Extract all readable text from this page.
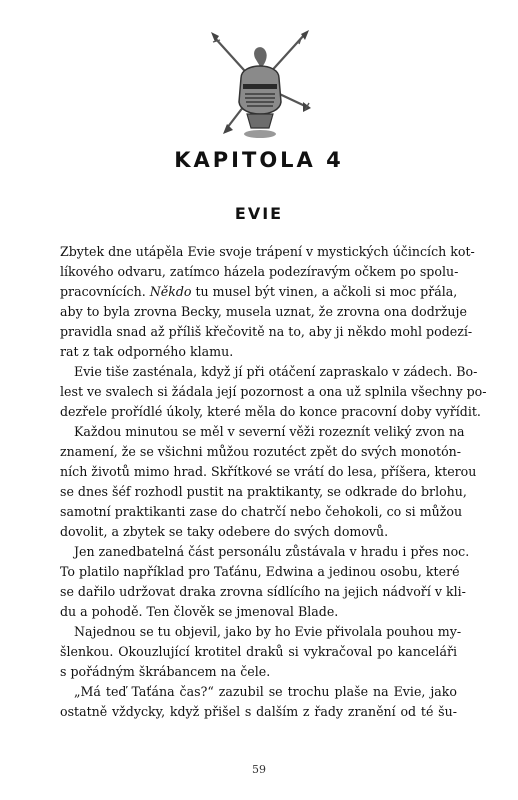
KAPITOLA 4
EVIE
Zbytek dne utápěla Evie svoje trápení v mystických účincích kot-
líkového odvaru, zatímco házela podezíravým očkem po spolu-
pracovnících. Někdo tu musel být vinen, a ačkoli si moc přála,
aby to byla zrovna Becky, musela uznat, že zrovna ona dodržuje
pravidla snad až příliš křečovitě na to, aby ji někdo mohl podezí-
rat z tak odporného klamu.
Evie tiše zasténala, když jí při otáčení zapraskalo v zádech. Bo-
lest ve svalech si žádala její pozornost a ona už splnila všechny po-
dezřele prořídlé úkoly, které měla do konce pracovní doby vyřídit.
Každou minutou se měl v severní věži rozeznít veliký zvon na
znamení, že se všichni můžou rozutéct zpět do svých monotón-
ních životů mimo hrad. Skřítkové se vrátí do lesa, příšera, kterou
se dnes šéf rozhodl pustit na praktikanty, se odkrade do brlohu,
samotní praktikanti zase do chatrčí nebo čehokoli, co si můžou
dovolit, a zbytek se taky odebere do svých domovů.
Jen zanedbatelná část personálu zůstávala v hradu i přes noc.
To platilo například pro Taťánu, Edwina a jedinou osobu, které
se dařilo udržovat draka zrovna sídlícího na jejich nádvoří v kli-
du a pohodě. Ten člověk se jmenoval Blade.
Najednou se tu objevil, jako by ho Evie přivolala pouhou my-
šlenkou. Okouzlující krotitel draků si vykračoval po kanceláři
s pořádným škrábancem na čele.
„Má teď Taťána čas?“ zazubil se trochu plaše na Evie, jako
ostatně vždycky, když přišel s dalším z řady zranění od té šu-
59
